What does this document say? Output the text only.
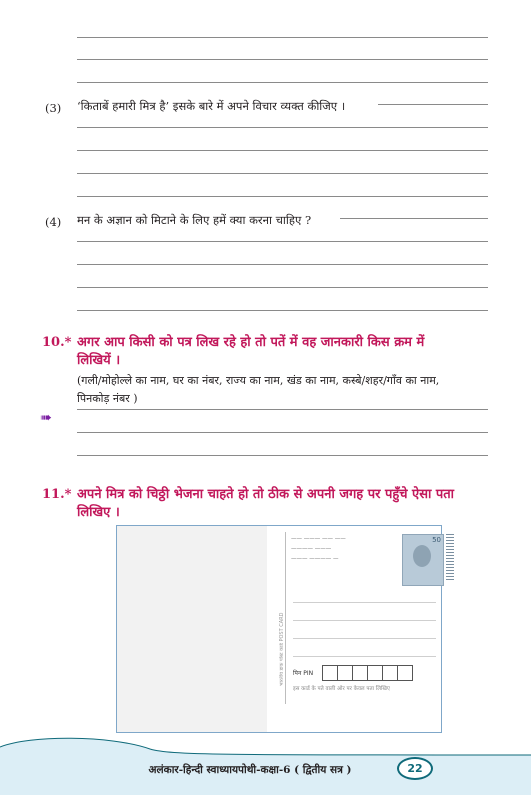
(3) ‘किताबें हमारी मित्र है’ इसके बारे में अपने विचार व्यक्त कीजिए ।
(4) मन के अज्ञान को मिटाने के लिए हमें क्या करना चाहिए ?
10.* अगर आप किसी को पत्र लिख रहे हो तो पतें में वह जानकारी किस क्रम में
लिखियें ।
(गली/मोहोल्ले का नाम, घर का नंबर, राज्य का नाम, खंड का नाम, कस्बे/शहर/गाँव का नाम,
पिनकोड़ नंबर )
➠
11.* अपने मित्र को चिठ्ठी भेजना चाहते हो तो ठीक से अपनी जगह पर पहुँचे ऐसा पता
लिखिए ।
भारतीय डाक पोस्ट कार्ड POST CARD
—— ——— —— ——
———— ———
——— ———— —
50
पिन PIN
इस कार्ड के पते वाली ओर पर केवल पता लिखिए
अलंकार-हिन्दी स्वाध्यायपोथी-कक्षा-6 ( द्वितीय सत्र )	22
